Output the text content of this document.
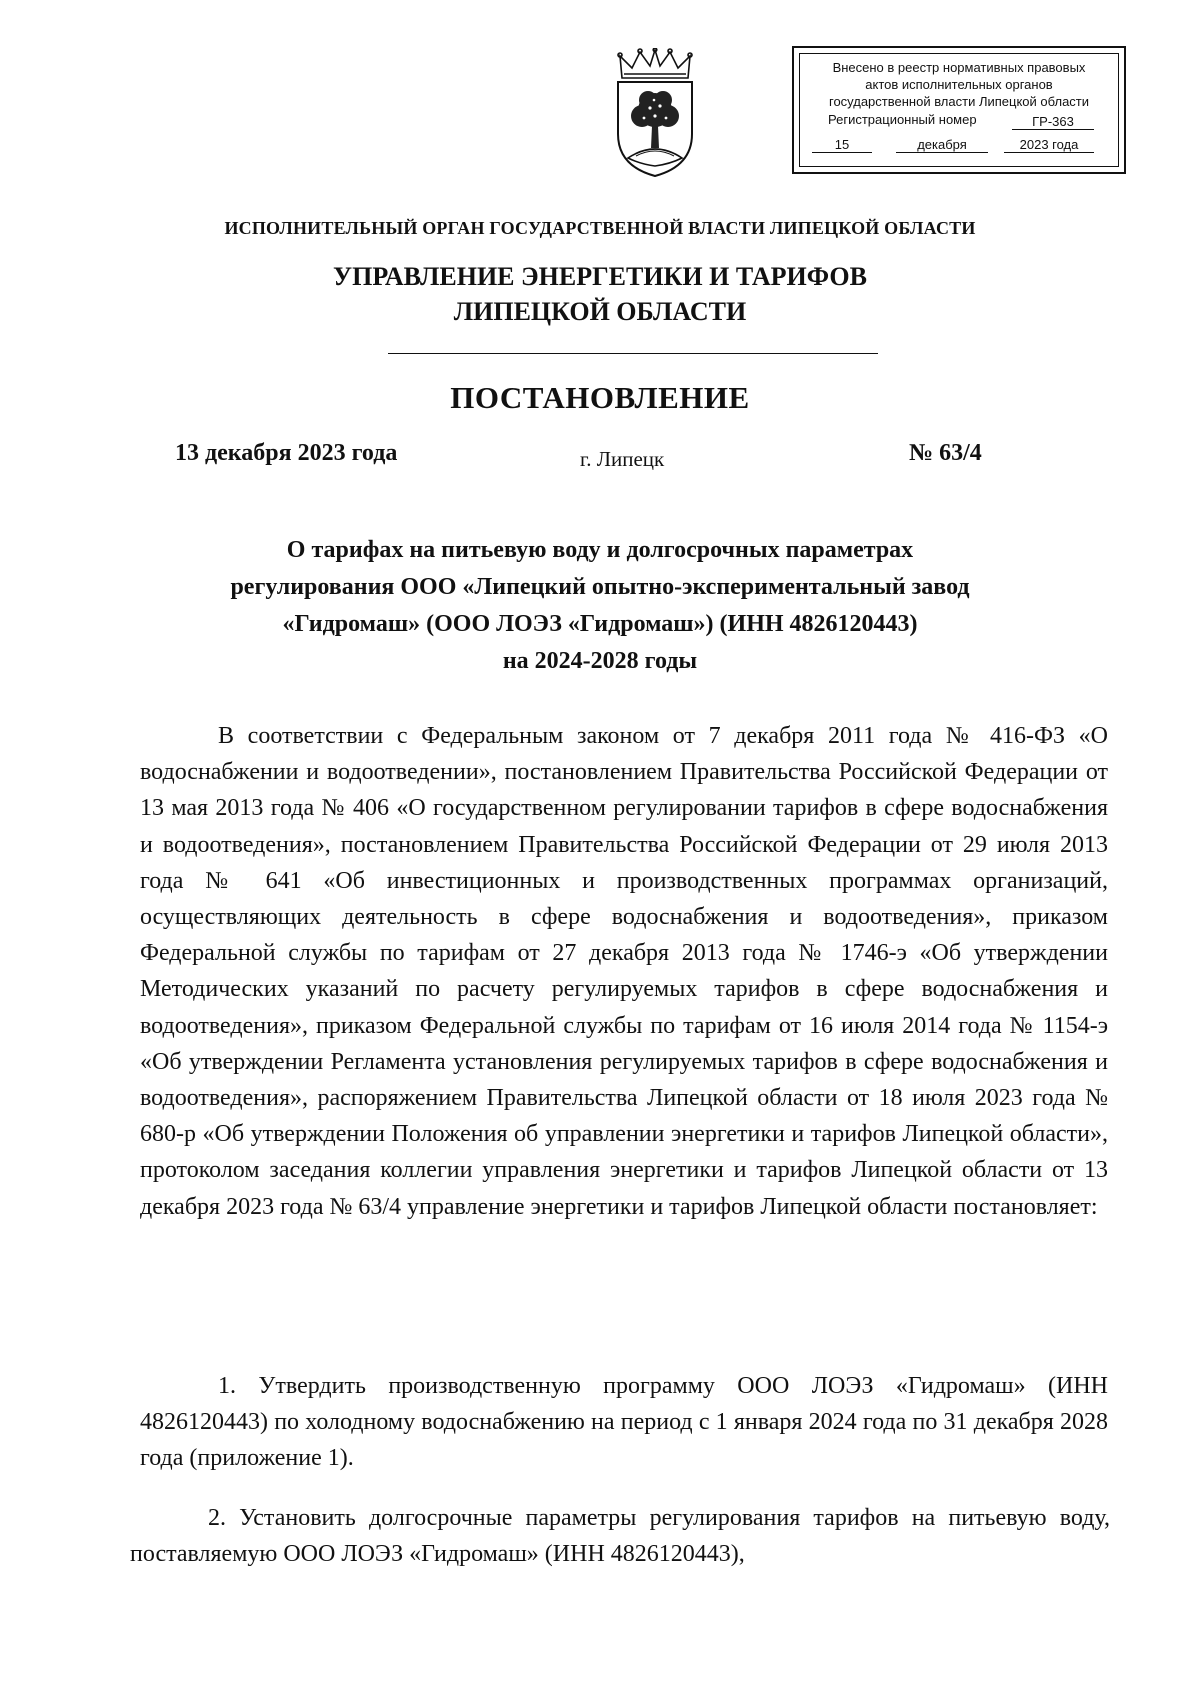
Внесено в реестр нормативных правовых
актов исполнительных органов
государственной власти Липецкой области
Регистрационный номер	ГР-363
15	декабря	2023 года
ИСПОЛНИТЕЛЬНЫЙ ОРГАН ГОСУДАРСТВЕННОЙ ВЛАСТИ ЛИПЕЦКОЙ ОБЛАСТИ
УПРАВЛЕНИЕ ЭНЕРГЕТИКИ И ТАРИФОВ
ЛИПЕЦКОЙ ОБЛАСТИ
ПОСТАНОВЛЕНИЕ
13 декабря 2023 года	г. Липецк	№ 63/4
О тарифах на питьевую воду и долгосрочных параметрах
регулирования ООО «Липецкий опытно-экспериментальный завод
«Гидромаш» (ООО ЛОЭЗ «Гидромаш») (ИНН 4826120443)
на 2024-2028 годы
В соответствии с Федеральным законом от 7 декабря 2011 года № 416-ФЗ «О водоснабжении и водоотведении», постановлением Правительства Российской Федерации от 13 мая 2013 года № 406 «О государственном регулировании тарифов в сфере водоснабжения и водоотведения», постановлением Правительства Российской Федерации от 29 июля 2013 года № 641 «Об инвестиционных и производственных программах организаций, осуществляющих деятельность в сфере водоснабжения и водоотведения», приказом Федеральной службы по тарифам от 27 декабря 2013 года № 1746-э «Об утверждении Методических указаний по расчету регулируемых тарифов в сфере водоснабжения и водоотведения», приказом Федеральной службы по тарифам от 16 июля 2014 года № 1154-э «Об утверждении Регламента установления регулируемых тарифов в сфере водоснабжения и водоотведения», распоряжением Правительства Липецкой области от 18 июля 2023 года № 680-р «Об утверждении Положения об управлении энергетики и тарифов Липецкой области», протоколом заседания коллегии управления энергетики и тарифов Липецкой области от 13 декабря 2023 года № 63/4 управление энергетики и тарифов Липецкой области постановляет:
1. Утвердить производственную программу ООО ЛОЭЗ «Гидромаш» (ИНН 4826120443) по холодному водоснабжению на период с 1 января 2024 года по 31 декабря 2028 года (приложение 1).
2. Установить долгосрочные параметры регулирования тарифов на питьевую воду, поставляемую ООО ЛОЭЗ «Гидромаш» (ИНН 4826120443),
